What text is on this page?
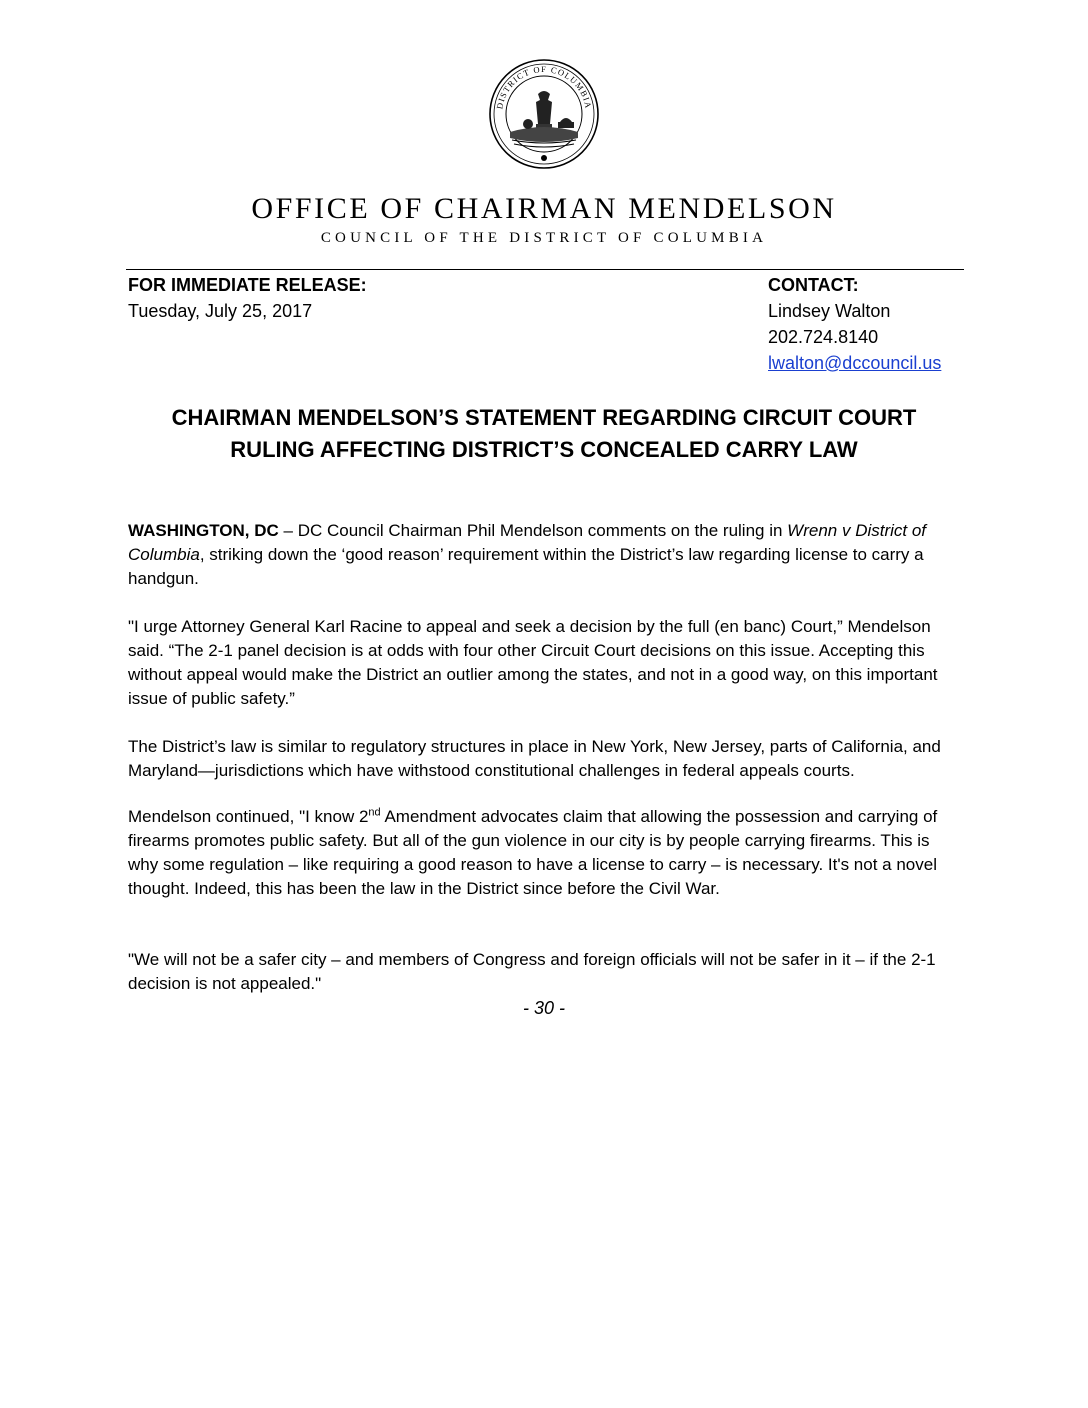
DISTRICT OF COLUMBIA
OFFICE OF CHAIRMAN MENDELSON
COUNCIL OF THE DISTRICT OF COLUMBIA
FOR IMMEDIATE RELEASE:
Tuesday, July 25, 2017
CONTACT:
Lindsey Walton
202.724.8140
lwalton@dccouncil.us
CHAIRMAN MENDELSON’S STATEMENT REGARDING CIRCUIT COURT
RULING AFFECTING DISTRICT’S CONCEALED CARRY LAW

WASHINGTON, DC – DC Council Chairman Phil Mendelson comments on the ruling in Wrenn v District of Columbia, striking down the ‘good reason’ requirement within the District’s law regarding license to carry a handgun.

"I urge Attorney General Karl Racine to appeal and seek a decision by the full (en banc) Court,” Mendelson said. “The 2-1 panel decision is at odds with four other Circuit Court decisions on this issue. Accepting this without appeal would make the District an outlier among the states, and not in a good way, on this important issue of public safety.”

The District’s law is similar to regulatory structures in place in New York, New Jersey, parts of California, and Maryland—jurisdictions which have withstood constitutional challenges in federal appeals courts.

Mendelson continued, "I know 2nd Amendment advocates claim that allowing the possession and carrying of firearms promotes public safety. But all of the gun violence in our city is by people carrying firearms. This is why some regulation – like requiring a good reason to have a license to carry – is necessary. It's not a novel thought. Indeed, this has been the law in the District since before the Civil War.

"We will not be a safer city – and members of Congress and foreign officials will not be safer in it – if the 2-1 decision is not appealed."

- 30 -
